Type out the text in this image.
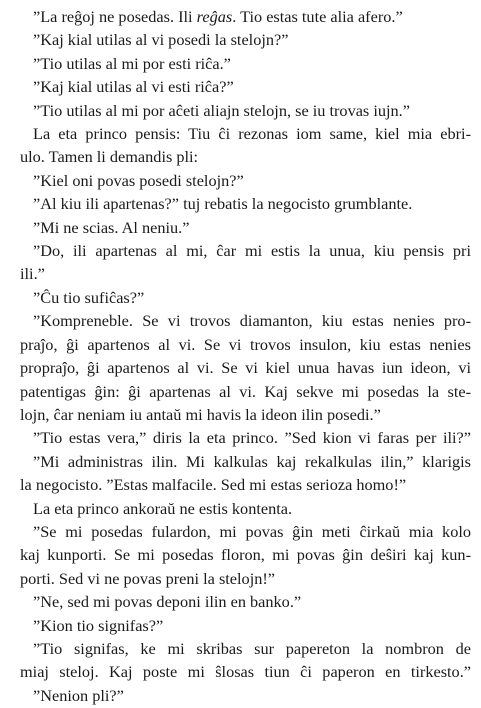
”La reĝoj ne posedas. Ili reĝas. Tio estas tute alia afero.”
”Kaj kial utilas al vi posedi la stelojn?”
”Tio utilas al mi por esti riĉa.”
”Kaj kial utilas al vi esti riĉa?”
”Tio utilas al mi por aĉeti aliajn stelojn, se iu trovas iujn.”
La eta princo pensis: Tiu ĉi rezonas iom same, kiel mia ebri-
ulo. Tamen li demandis pli:
”Kiel oni povas posedi stelojn?”
”Al kiu ili apartenas?” tuj rebatis la negocisto grumblante.
”Mi ne scias. Al neniu.”
”Do, ili apartenas al mi, ĉar mi estis la unua, kiu pensis pri
ili.”
”Ĉu tio sufiĉas?”
”Kompreneble. Se vi trovos diamanton, kiu estas nenies pro-
praĵo, ĝi apartenos al vi. Se vi trovos insulon, kiu estas nenies
propraĵo, ĝi apartenos al vi. Se vi kiel unua havas iun ideon, vi
patentigas ĝin: ĝi apartenas al vi. Kaj sekve mi posedas la ste-
lojn, ĉar neniam iu antaŭ mi havis la ideon ilin posedi.”
”Tio estas vera,” diris la eta princo. ”Sed kion vi faras per ili?”
”Mi administras ilin. Mi kalkulas kaj rekalkulas ilin,” klarigis
la negocisto. ”Estas malfacile. Sed mi estas serioza homo!”
La eta princo ankoraŭ ne estis kontenta.
”Se mi posedas fulardon, mi povas ĝin meti ĉirkaŭ mia kolo
kaj kunporti. Se mi posedas floron, mi povas ĝin deŝiri kaj kun-
porti. Sed vi ne povas preni la stelojn!”
”Ne, sed mi povas deponi ilin en banko.”
”Kion tio signifas?”
”Tio signifas, ke mi skribas sur papereton la nombron de
miaj steloj. Kaj poste mi ŝlosas tiun ĉi paperon en tirkesto.”
”Nenion pli?”
